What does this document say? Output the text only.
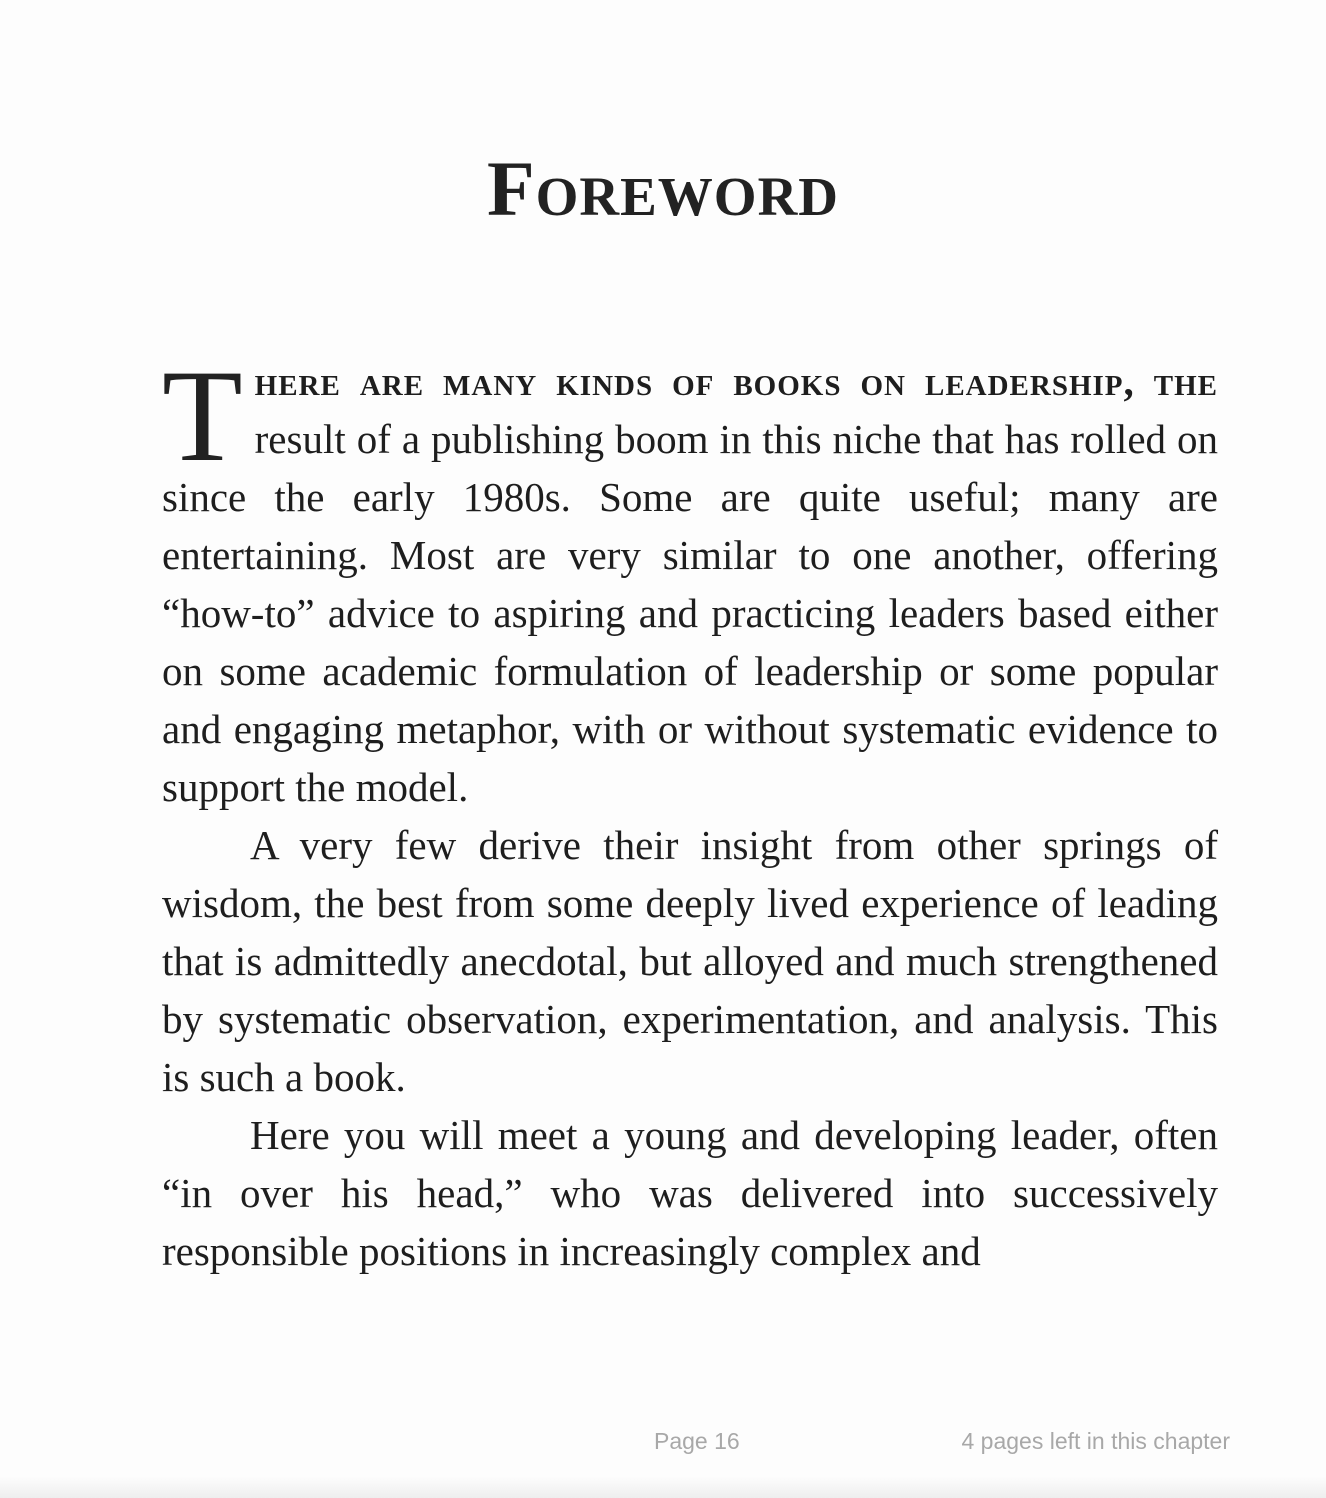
Foreword

There are many kinds of books on leadership, the result of a publishing boom in this niche that has rolled on since the early 1980s. Some are quite useful; many are entertaining. Most are very similar to one another, offering “how-to” advice to aspiring and practicing leaders based either on some academic formulation of leadership or some popular and engaging metaphor, with or without systematic evidence to support the model.

A very few derive their insight from other springs of wisdom, the best from some deeply lived experience of leading that is admittedly anecdotal, but alloyed and much strengthened by systematic observation, experimentation, and analysis. This is such a book.

Here you will meet a young and developing leader, often “in over his head,” who was delivered into successively responsible positions in increasingly complex and

Page 16	4 pages left in this chapter
